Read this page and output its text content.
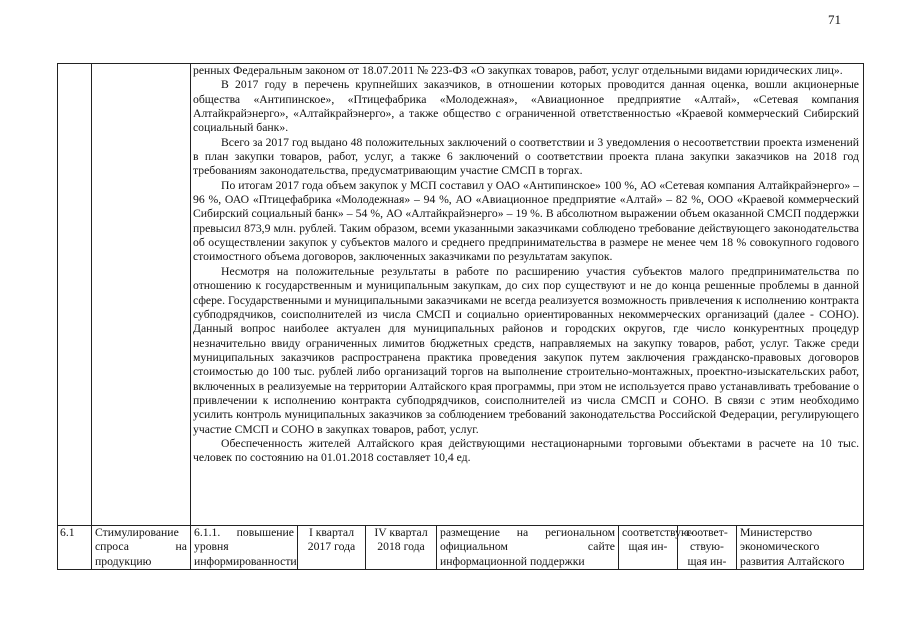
71

ренных Федеральным законом от 18.07.2011 № 223-ФЗ «О закупках товаров, работ, услуг отдельными видами юридических лиц».

В 2017 году в перечень крупнейших заказчиков, в отношении которых проводится данная оценка, вошли акционерные общества «Антипинское», «Птицефабрика «Молодежная», «Авиационное предприятие «Алтай», «Сетевая компания Алтайкрайэнерго», «Алтайкрайэнерго», а также общество с ограниченной ответственностью «Краевой коммерческий Сибирский социальный банк».

Всего за 2017 год выдано 48 положительных заключений о соответствии и 3 уведомления о несоответствии проекта изменений в план закупки товаров, работ, услуг, а также 6 заключений о соответствии проекта плана закупки заказчиков на 2018 год требованиям законодательства, предусматривающим участие СМСП в торгах.

По итогам 2017 года объем закупок у МСП составил у ОАО «Антипинское» 100 %, АО «Сетевая компания Алтайкрайэнерго» – 96 %, ОАО «Птицефабрика «Молодежная» – 94 %, АО «Авиационное предприятие «Алтай» – 82 %, ООО «Краевой коммерческий Сибирский социальный банк» – 54 %, АО «Алтайкрайэнерго» – 19 %. В абсолютном выражении объем оказанной СМСП поддержки превысил 873,9 млн. рублей. Таким образом, всеми указанными заказчиками соблюдено требование действующего законодательства об осуществлении закупок у субъектов малого и среднего предпринимательства в размере не менее чем 18 % совокупного годового стоимостного объема договоров, заключенных заказчиками по результатам закупок.

Несмотря на положительные результаты в работе по расширению участия субъектов малого предпринимательства по отношению к государственным и муниципальным закупкам, до сих пор существуют и не до конца решенные проблемы в данной сфере. Государственными и муниципальными заказчиками не всегда реализуется возможность привлечения к исполнению контракта субподрядчиков, соисполнителей из числа СМСП и социально ориентированных некоммерческих организаций (далее - СОНО). Данный вопрос наиболее актуален для муниципальных районов и городских округов, где число конкурентных процедур незначительно ввиду ограниченных лимитов бюджетных средств, направляемых на закупку товаров, работ, услуг. Также среди муниципальных заказчиков распространена практика проведения закупок путем заключения гражданско-правовых договоров стоимостью до 100 тыс. рублей либо организаций торгов на выполнение строительно-монтажных, проектно-изыскательских работ, включенных в реализуемые на территории Алтайского края программы, при этом не используется право устанавливать требование о привлечении к исполнению контракта субподрядчиков, соисполнителей из числа СМСП и СОНО. В связи с этим необходимо усилить контроль муниципальных заказчиков за соблюдением требований законодательства Российской Федерации, регулирующего участие СМСП и СОНО в закупках товаров, работ, услуг.

Обеспеченность жителей Алтайского края действующими нестационарными торговыми объектами в расчете на 10 тыс. человек по состоянию на 01.01.2018 составляет 10,4 ед.

6.1	Стимулирование спроса на продукцию
6.1.1. повышение уровня информированности
I квартал 2017 года
IV квартал 2018 года
размещение на региональном официальном сайте информационной поддержки
соответствую-щая ин-
соответ-ствую-щая ин-
Министерство экономического развития Алтайского
